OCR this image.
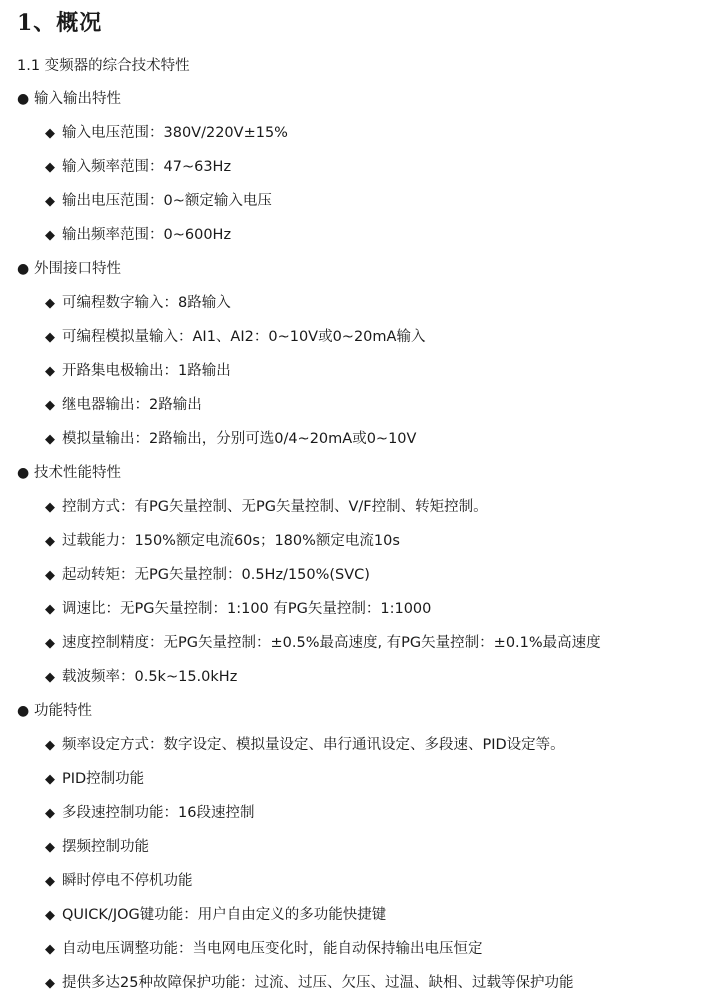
1、概况
1.1 变频器的综合技术特性
● 输入输出特性
◆ 输入电压范围：380V/220V±15%
◆ 输入频率范围：47~63Hz
◆ 输出电压范围：0~额定输入电压
◆ 输出频率范围：0~600Hz
● 外围接口特性
◆ 可编程数字输入：8路输入
◆ 可编程模拟量输入：AI1、AI2：0~10V或0~20mA输入
◆ 开路集电极输出：1路输出
◆ 继电器输出：2路输出
◆ 模拟量输出：2路输出，分别可选0/4~20mA或0~10V
● 技术性能特性
◆ 控制方式：有PG矢量控制、无PG矢量控制、V/F控制、转矩控制。
◆ 过载能力：150%额定电流60s；180%额定电流10s
◆ 起动转矩：无PG矢量控制：0.5Hz/150%(SVC)
◆ 调速比：无PG矢量控制：1:100 有PG矢量控制：1:1000
◆ 速度控制精度：无PG矢量控制：±0.5%最高速度, 有PG矢量控制：±0.1%最高速度
◆ 载波频率：0.5k~15.0kHz
● 功能特性
◆ 频率设定方式：数字设定、模拟量设定、串行通讯设定、多段速、PID设定等。
◆ PID控制功能
◆ 多段速控制功能：16段速控制
◆ 摆频控制功能
◆ 瞬时停电不停机功能
◆ QUICK/JOG键功能：用户自由定义的多功能快捷键
◆ 自动电压调整功能：当电网电压变化时，能自动保持输出电压恒定
◆ 提供多达25种故障保护功能：过流、过压、欠压、过温、缺相、过载等保护功能
